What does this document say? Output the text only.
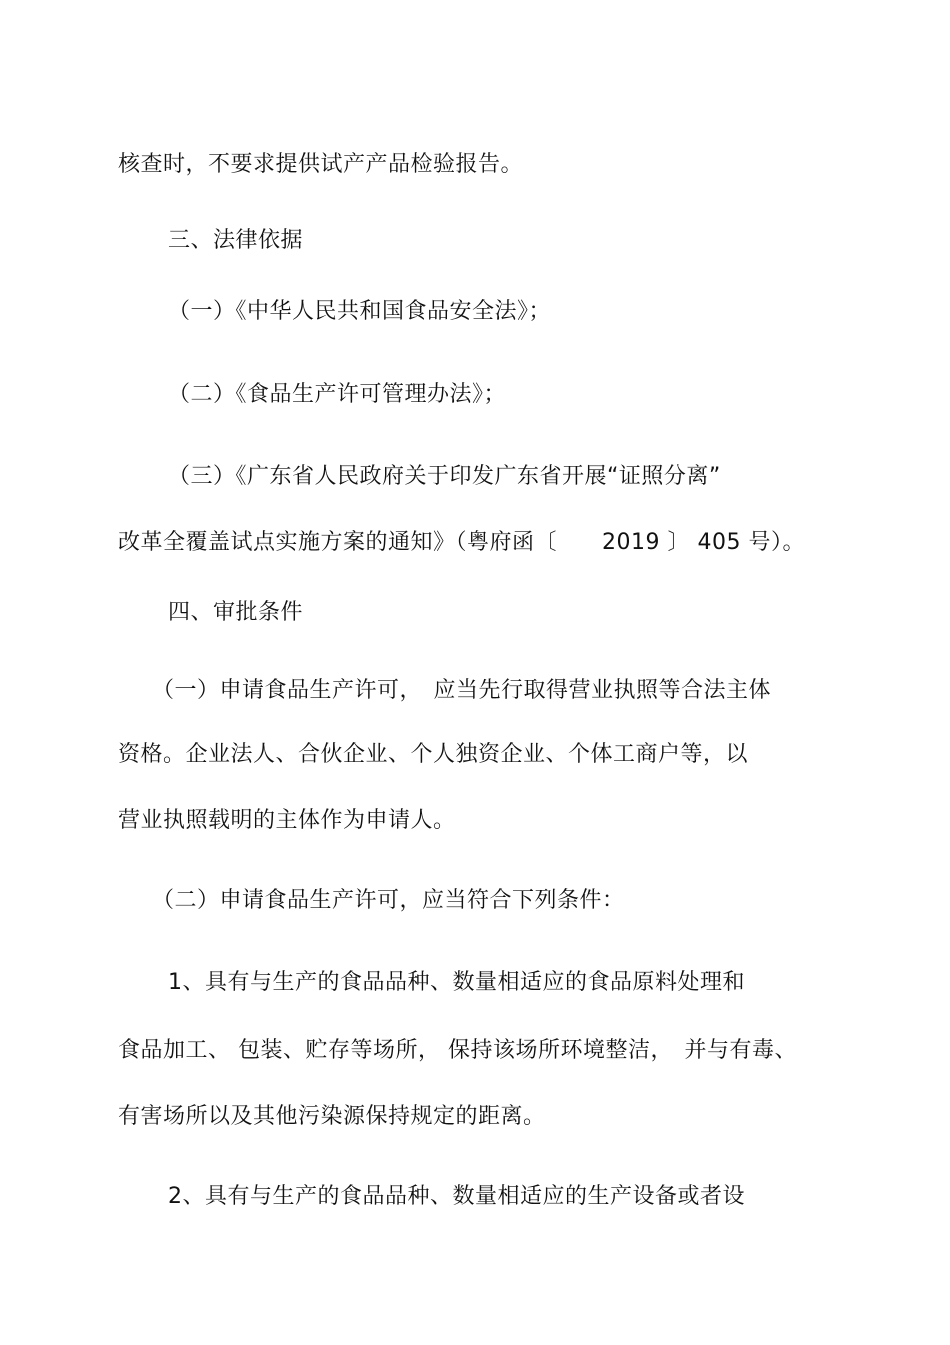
核查时，不要求提供试产产品检验报告。
三、法律依据
（一）《中华人民共和国食品安全法》；
（二）《食品生产许可管理办法》；
（三）《广东省人民政府关于印发广东省开展“证照分离”
改革全覆盖试点实施方案的通知》（粤府函〔　　2019 〕 405 号）。
四、审批条件
（一）申请食品生产许可，　应当先行取得营业执照等合法主体
资格。企业法人、合伙企业、个人独资企业、个体工商户等，以
营业执照载明的主体作为申请人。
（二）申请食品生产许可，应当符合下列条件：
1、具有与生产的食品品种、数量相适应的食品原料处理和
食品加工、 包装、贮存等场所， 保持该场所环境整洁，　并与有毒、
有害场所以及其他污染源保持规定的距离。
2、具有与生产的食品品种、数量相适应的生产设备或者设
